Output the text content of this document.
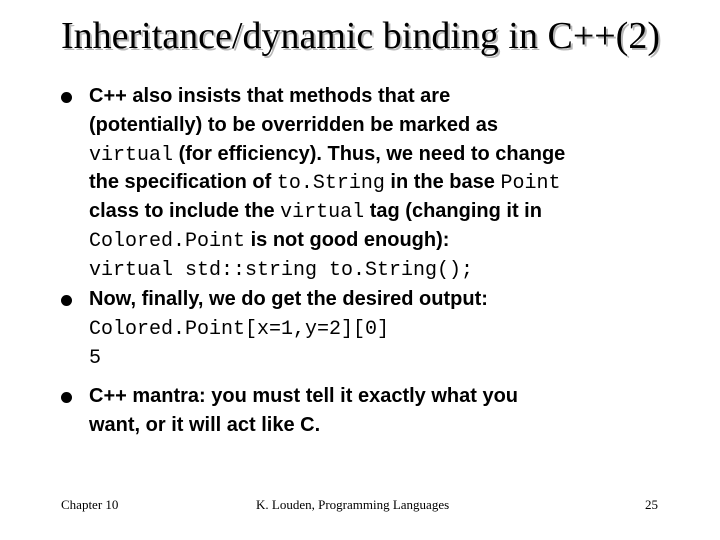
Inheritance/dynamic binding in C++(2)
C++ also insists that methods that are
(potentially) to be overridden be marked as
virtual (for efficiency). Thus, we need to change
the specification of to.String in the base Point
class to include the virtual tag (changing it in
Colored.Point is not good enough):
virtual std::string to.String();
Now, finally, we do get the desired output:
Colored.Point[x=1,y=2][0]
5
C++ mantra: you must tell it exactly what you
want, or it will act like C.
Chapter 10	K. Louden, Programming Languages	25
